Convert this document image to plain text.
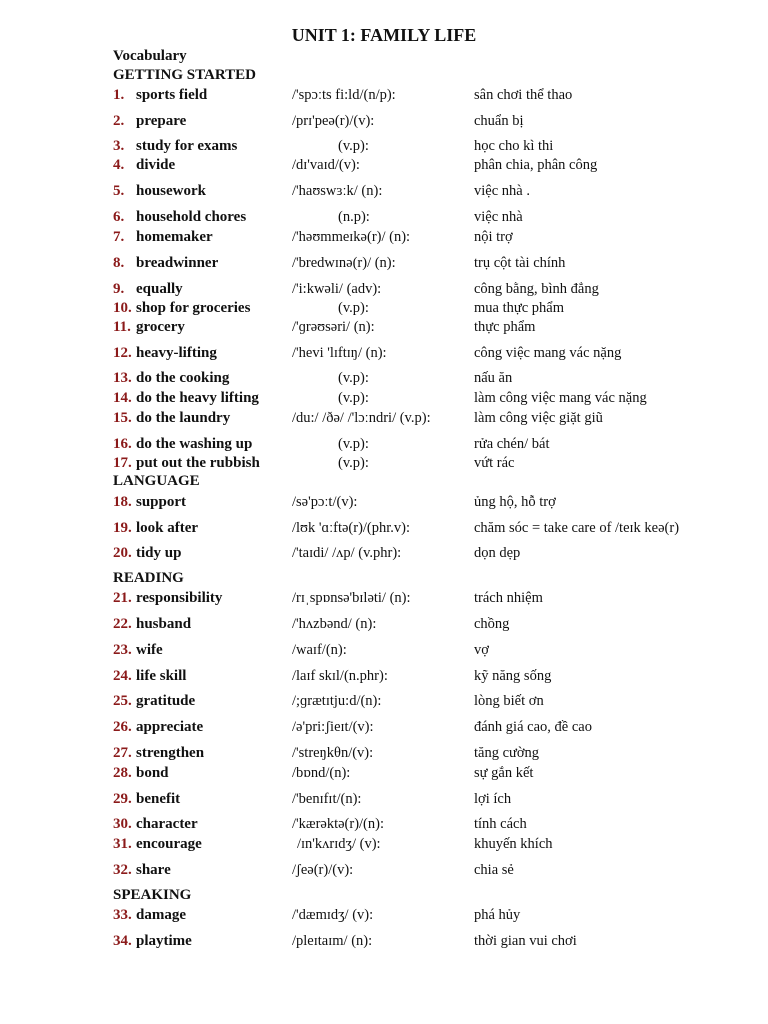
UNIT 1: FAMILY LIFE
Vocabulary
GETTING STARTED
LANGUAGE
READING
SPEAKING
1. sports field	/'spɔːts fi:ld/(n/p):	sân chơi thể thao
2. prepare	/prɪ'peə(r)/(v):	chuẩn bị
3. study for exams	(v.p):	học cho kì thi
4. divide	/dɪ'vaɪd/(v):	phân chia, phân công
5. housework	/'haʊswɜːk/ (n):	việc nhà .
6. household chores	(n.p):	việc nhà
7. homemaker	/'həʊmmeɪkə(r)/ (n):	nội trợ
8. breadwinner	/'bredwɪnə(r)/ (n):	trụ cột tài chính
9. equally	/'i:kwəli/ (adv):	công bằng, bình đẳng
10. shop for groceries	(v.p):	mua thực phẩm
11. grocery	/'ɡrəʊsəri/ (n):	thực phẩm
12. heavy-lifting	/'hevi 'lɪftɪŋ/ (n):	công việc mang vác nặng
13. do the cooking	(v.p):	nấu ăn
14. do the heavy lifting	(v.p):	làm công việc mang vác nặng
15. do the laundry	/du:/ /ðə/ /'lɔːndri/ (v.p):	làm công việc giặt giũ
16. do the washing up	(v.p):	rửa chén/ bát
17. put out the rubbish	(v.p):	vứt rác
18. support	/sə'pɔːt/(v):	ủng hộ, hỗ trợ
19. look after	/lʊk 'ɑːftə(r)/(phr.v):	chăm sóc = take care of /teɪk keə(r)
20. tidy up	/'taɪdi/ /ʌp/ (v.phr):	dọn dẹp
21. responsibility	/rɪˌspɒnsə'bɪləti/ (n):	trách nhiệm
22. husband	/'hʌzbənd/ (n):	chồng
23. wife	/waɪf/(n):	vợ
24. life skill	/laɪf skɪl/(n.phr):	kỹ năng sống
25. gratitude	/;ɡrætɪtju:d/(n):	lòng biết ơn
26. appreciate	/ə'pri:ʃieɪt/(v):	đánh giá cao, đề cao
27. strengthen	/'streŋkθn/(v):	tăng cường
28. bond	/bɒnd/(n):	sự gắn kết
29. benefit	/'benɪfɪt/(n):	lợi ích
30. character	/'kærəktə(r)/(n):	tính cách
31. encourage	/ɪn'kʌrɪdʒ/ (v):	khuyến khích
32. share	/ʃeə(r)/(v):	chia sẻ
33. damage	/'dæmɪdʒ/ (v):	phá hủy
34. playtime	/pleɪtaɪm/ (n):	thời gian vui chơi
